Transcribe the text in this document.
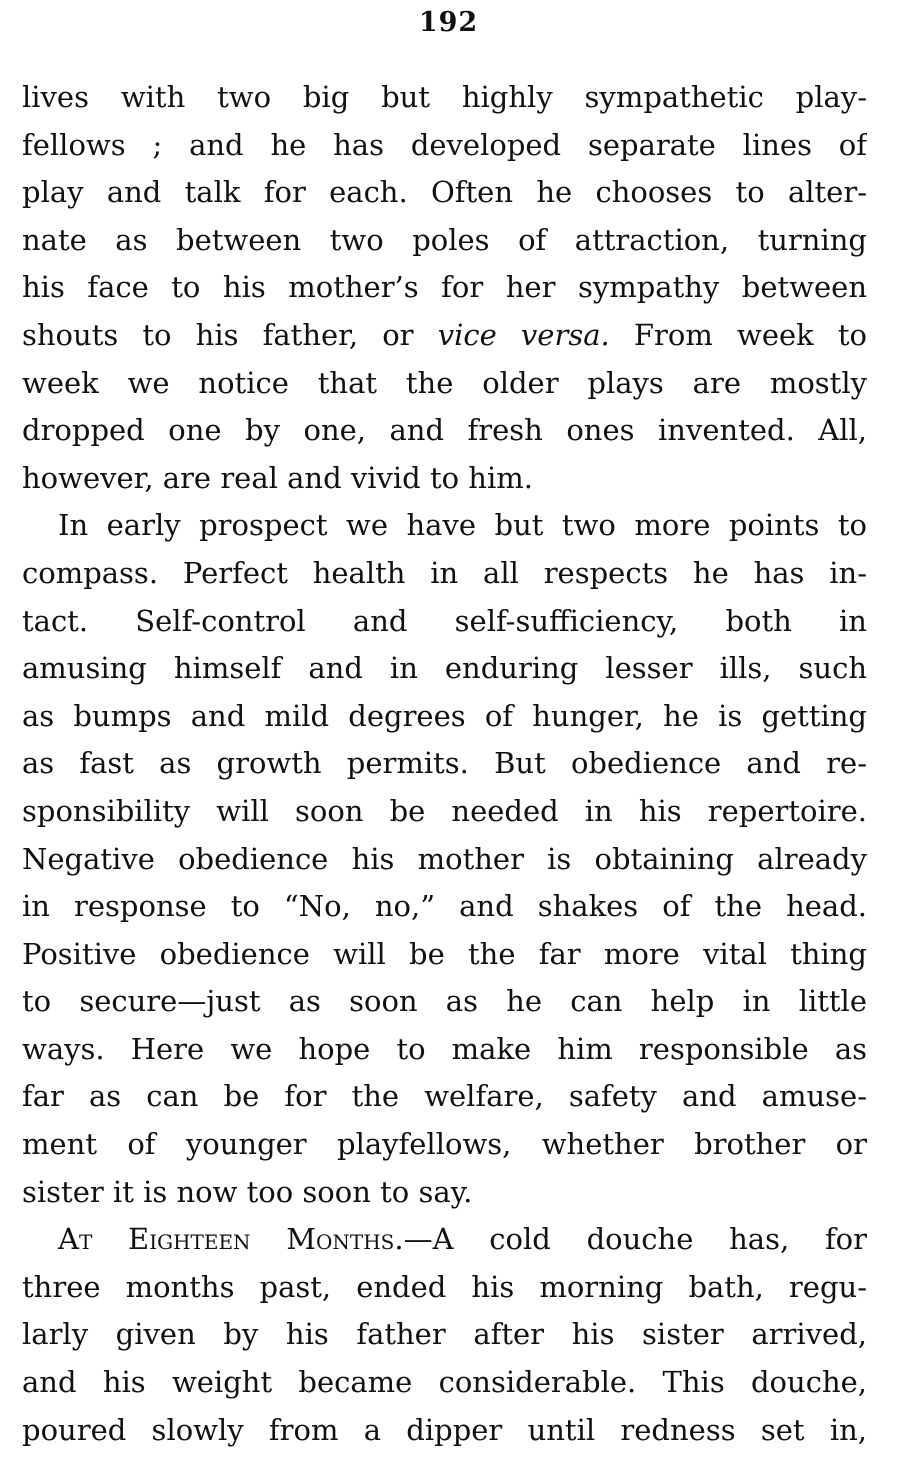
192
lives with two big but highly sympathetic play-
fellows ; and he has developed separate lines of
play and talk for each. Often he chooses to alter-
nate as between two poles of attraction, turning
his face to his mother’s for her sympathy between
shouts to his father, or vice versa. From week to
week we notice that the older plays are mostly
dropped one by one, and fresh ones invented. All,
however, are real and vivid to him.
In early prospect we have but two more points to
compass. Perfect health in all respects he has in-
tact. Self-control and self-sufficiency, both in
amusing himself and in enduring lesser ills, such
as bumps and mild degrees of hunger, he is getting
as fast as growth permits. But obedience and re-
sponsibility will soon be needed in his repertoire.
Negative obedience his mother is obtaining already
in response to “No, no,” and shakes of the head.
Positive obedience will be the far more vital thing
to secure—just as soon as he can help in little
ways. Here we hope to make him responsible as
far as can be for the welfare, safety and amuse-
ment of younger playfellows, whether brother or
sister it is now too soon to say.
At Eighteen Months.—A cold douche has, for
three months past, ended his morning bath, regu-
larly given by his father after his sister arrived,
and his weight became considerable. This douche,
poured slowly from a dipper until redness set in,
